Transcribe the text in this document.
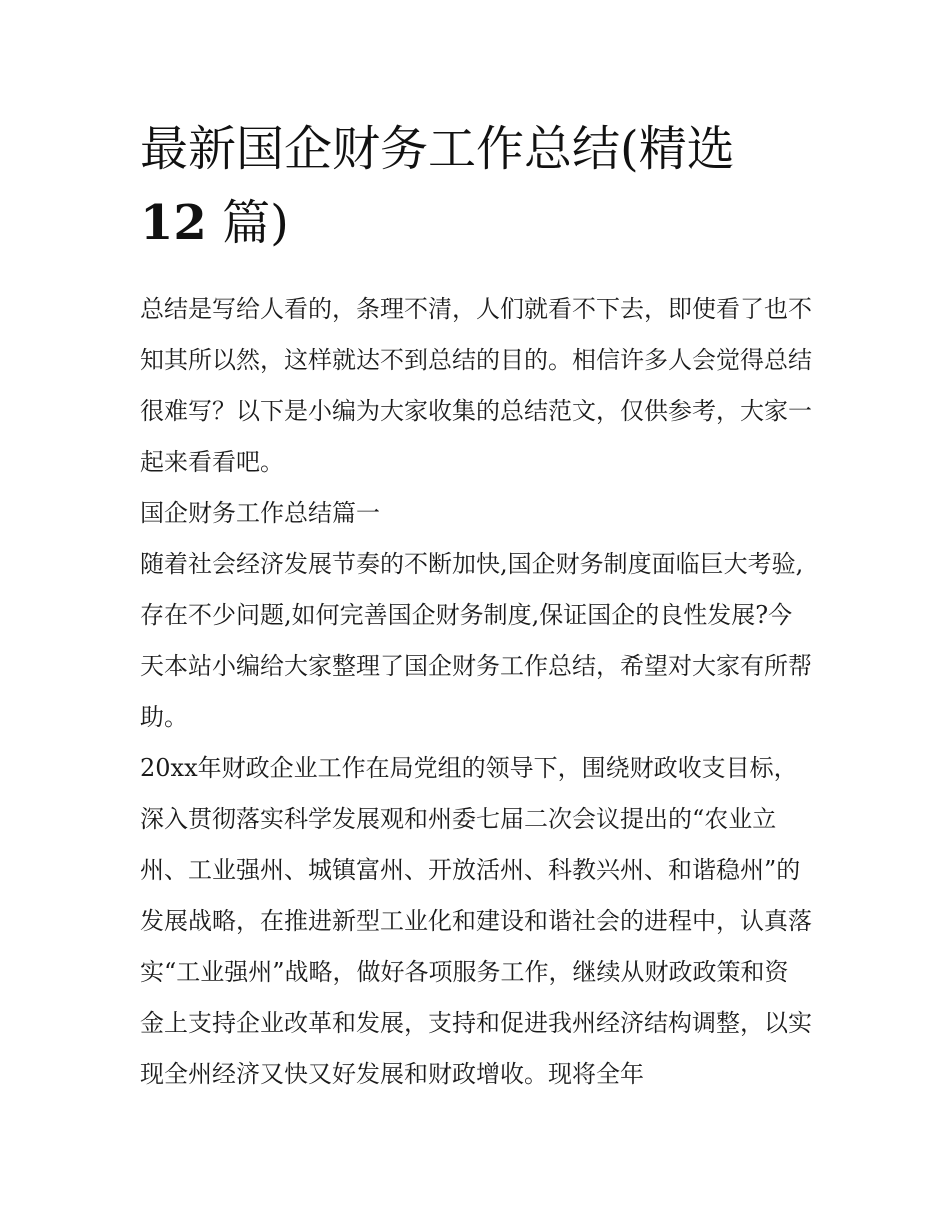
最新国企财务工作总结(精选
12 篇)

总结是写给人看的，条理不清，人们就看不下去，即使看了也不知其所以然，这样就达不到总结的目的。相信许多人会觉得总结很难写？以下是小编为大家收集的总结范文，仅供参考，大家一起来看看吧。

国企财务工作总结篇一

随着社会经济发展节奏的不断加快,国企财务制度面临巨大考验,存在不少问题,如何完善国企财务制度,保证国企的良性发展?今天本站小编给大家整理了国企财务工作总结，希望对大家有所帮助。

20xx年财政企业工作在局党组的领导下，围绕财政收支目标，深入贯彻落实科学发展观和州委七届二次会议提出的“农业立州、工业强州、城镇富州、开放活州、科教兴州、和谐稳州”的发展战略，在推进新型工业化和建设和谐社会的进程中，认真落实“工业强州”战略，做好各项服务工作，继续从财政政策和资金上支持企业改革和发展，支持和促进我州经济结构调整，以实现全州经济又快又好发展和财政增收。现将全年
